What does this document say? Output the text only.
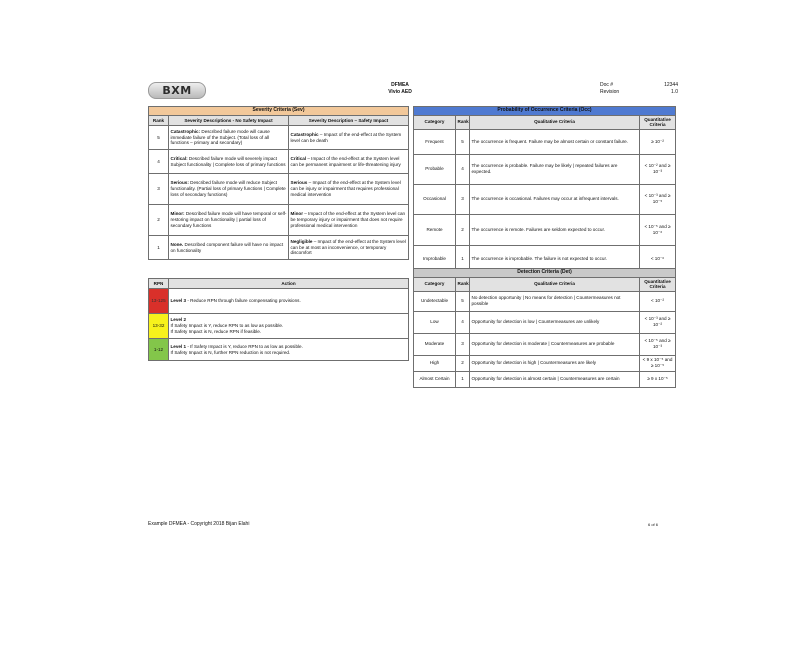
BXM	DFMEA
Vivio AED
Doc #	12344
Revision	1.0
Severity Criteria (Sev)		
Rank	Severity Descriptions - No Safety Impact	Severity Description – Safety Impact
5	Catastrophic: Described failure mode will cause immediate failure of the Subject. (Total loss of all functions – primary and secondary)	Catastrophic – Impact of the end-effect at the System level can be death
4	Critical: Described failure mode will severely impact Subject functionality | Complete loss of primary functions	Critical – Impact of the end-effect at the System level can be permanent impairment or life-threatening injury
3	Serious: Described failure mode will reduce Subject functionality. (Partial loss of primary functions | Complete loss of secondary functions)	Serious – Impact of the end-effect at the System level can be injury or impairment that requires professional medical intervention
2	Minor: Described failure mode will have temporal or self-restoring impact on functionality | partial loss of secondary functions	Minor – Impact of the end-effect at the System level can be temporary injury or impairment that does not require professional medical intervention
1	None. Described component failure will have no impact on functionality	Negligible – Impact of the end-effect at the System level can be at most an inconvenience, or temporary discomfort
RPN	Action
13-125	Level 3 - Reduce RPN through failure compensating provisions.
13-32	Level 2
If Safety Impact is Y, reduce RPN to as low as possible.
If Safety Impact is N, reduce RPN if feasible.
1-12	Level 1 - If Safety Impact is Y, reduce RPN to as low as possible.
If Safety Impact is N, further RPN reduction is not required.
Probability of Occurrence Criteria (Occ)			
Category	Rank	Qualitative Criteria	Quantitative Criteria
Frequent	5	The occurrence is frequent. Failure may be almost certain or constant failure.	≥ 10⁻²
Probable	4	The occurrence is probable. Failure may be likely | repeated failures are expected.	< 10⁻² and ≥ 10⁻³
Occasional	3	The occurrence is occasional. Failures may occur at infrequent intervals.	< 10⁻³ and ≥ 10⁻⁵
Remote	2	The occurrence is remote. Failures are seldom expected to occur.	< 10⁻⁵ and ≥ 10⁻⁶
Improbable	1	The occurrence is improbable. The failure is not expected to occur.	< 10⁻⁶
Detection Criteria (Det)			
Category	Rank	Qualitative Criteria	Quantitative Criteria
Undetectable	5	No detection opportunity | No means for detection | Countermeasures not possible	< 10⁻²
Low	4	Opportunity for detection is low | Countermeasures are unlikely	< 10⁻³ and ≥ 10⁻²
Moderate	3	Opportunity for detection is moderate | Countermeasures are probable	< 10⁻⁵ and ≥ 10⁻³
High	2	Opportunity for detection is high | Countermeasures are likely	< 9 x 10⁻⁵ and ≥ 10⁻⁵
Almost Certain	1	Opportunity for detection is almost certain | Countermeasures are certain	≥ 9 x 10⁻⁵
Example DFMEA - Copyright 2018 Bijan Elahi	6 of 6
